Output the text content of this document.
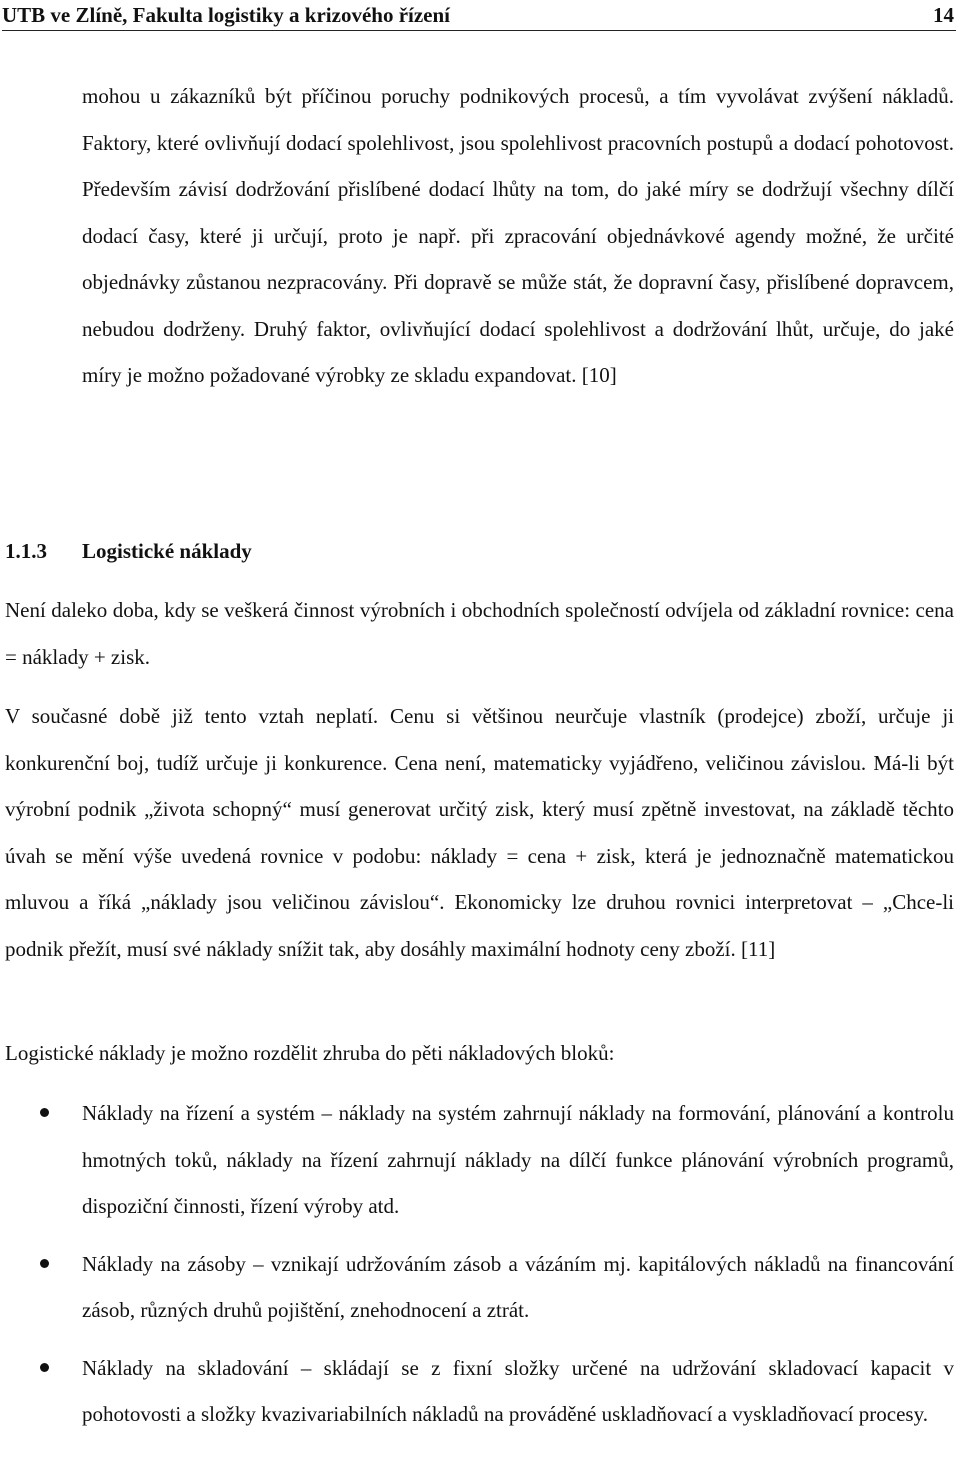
UTB ve Zlíně, Fakulta logistiky a krizového řízení	14

mohou u zákazníků být příčinou poruchy podnikových procesů, a tím vyvolávat zvýšení nákladů. Faktory, které ovlivňují dodací spolehlivost, jsou spolehlivost pracovních postupů a dodací pohotovost. Především závisí dodržování přislíbené dodací lhůty na tom, do jaké míry se dodržují všechny dílčí dodací časy, které ji určují, proto je např. při zpracování objednávkové agendy možné, že určité objednávky zůstanou nezpracovány. Při dopravě se může stát, že dopravní časy, přislíbené dopravcem, nebudou dodrženy. Druhý faktor, ovlivňující dodací spolehlivost a dodržování lhůt, určuje, do jaké míry je možno požadované výrobky ze skladu expandovat. [10]

1.1.3 Logistické náklady

Není daleko doba, kdy se veškerá činnost výrobních i obchodních společností odvíjela od základní rovnice: cena = náklady + zisk.

V současné době již tento vztah neplatí. Cenu si většinou neurčuje vlastník (prodejce) zboží, určuje ji konkurenční boj, tudíž určuje ji konkurence. Cena není, matematicky vyjádřeno, veličinou závislou. Má-li být výrobní podnik „života schopný“ musí generovat určitý zisk, který musí zpětně investovat, na základě těchto úvah se mění výše uvedená rovnice v podobu: náklady = cena + zisk, která je jednoznačně matematickou mluvou a říká „náklady jsou veličinou závislou“. Ekonomicky lze druhou rovnici interpretovat – „Chce-li podnik přežít, musí své náklady snížit tak, aby dosáhly maximální hodnoty ceny zboží. [11]

Logistické náklady je možno rozdělit zhruba do pěti nákladových bloků:

Náklady na řízení a systém – náklady na systém zahrnují náklady na formování, plánování a kontrolu hmotných toků, náklady na řízení zahrnují náklady na dílčí funkce plánování výrobních programů, dispoziční činnosti, řízení výroby atd.

Náklady na zásoby – vznikají udržováním zásob a vázáním mj. kapitálových nákladů na financování zásob, různých druhů pojištění, znehodnocení a ztrát.

Náklady na skladování – skládají se z fixní složky určené na udržování skladovací kapacit v pohotovosti a složky kvazivariabilních nákladů na prováděné uskladňovací a vyskladňovací procesy.
